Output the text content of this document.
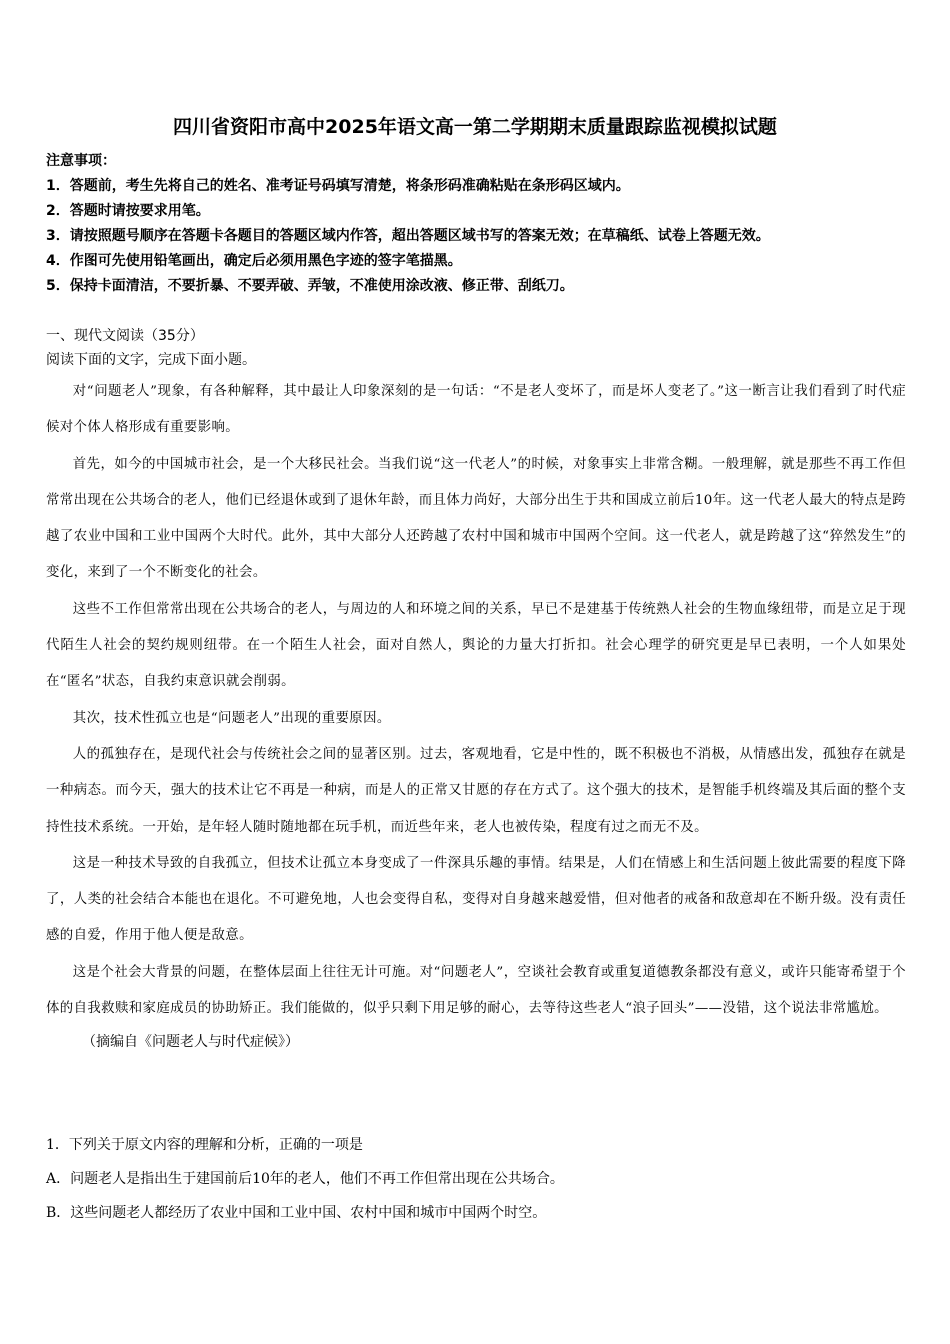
四川省资阳市高中2025年语文高一第二学期期末质量跟踪监视模拟试题
注意事项：
1．答题前，考生先将自己的姓名、准考证号码填写清楚，将条形码准确粘贴在条形码区域内。
2．答题时请按要求用笔。
3．请按照题号顺序在答题卡各题目的答题区域内作答，超出答题区域书写的答案无效；在草稿纸、试卷上答题无效。
4．作图可先使用铅笔画出，确定后必须用黑色字迹的签字笔描黑。
5．保持卡面清洁，不要折暴、不要弄破、弄皱，不准使用涂改液、修正带、刮纸刀。
一、现代文阅读（35分）
阅读下面的文字，完成下面小题。

对“问题老人”现象，有各种解释，其中最让人印象深刻的是一句话：“不是老人变坏了，而是坏人变老了。”这一断言让我们看到了时代症候对个体人格形成有重要影响。

首先，如今的中国城市社会，是一个大移民社会。当我们说“这一代老人”的时候，对象事实上非常含糊。一般理解，就是那些不再工作但常常出现在公共场合的老人，他们已经退休或到了退休年龄，而且体力尚好，大部分出生于共和国成立前后10年。这一代老人最大的特点是跨越了农业中国和工业中国两个大时代。此外，其中大部分人还跨越了农村中国和城市中国两个空间。这一代老人，就是跨越了这“猝然发生”的变化，来到了一个不断变化的社会。

这些不工作但常常出现在公共场合的老人，与周边的人和环境之间的关系，早已不是建基于传统熟人社会的生物血缘纽带，而是立足于现代陌生人社会的契约规则纽带。在一个陌生人社会，面对自然人，舆论的力量大打折扣。社会心理学的研究更是早已表明，一个人如果处在“匿名”状态，自我约束意识就会削弱。

其次，技术性孤立也是“问题老人”出现的重要原因。

人的孤独存在，是现代社会与传统社会之间的显著区别。过去，客观地看，它是中性的，既不积极也不消极，从情感出发，孤独存在就是一种病态。而今天，强大的技术让它不再是一种病，而是人的正常又甘愿的存在方式了。这个强大的技术，是智能手机终端及其后面的整个支持性技术系统。一开始，是年轻人随时随地都在玩手机，而近些年来，老人也被传染，程度有过之而无不及。

这是一种技术导致的自我孤立，但技术让孤立本身变成了一件深具乐趣的事情。结果是，人们在情感上和生活问题上彼此需要的程度下降了，人类的社会结合本能也在退化。不可避免地，人也会变得自私，变得对自身越来越爱惜，但对他者的戒备和敌意却在不断升级。没有责任感的自爱，作用于他人便是敌意。

这是个社会大背景的问题，在整体层面上往往无计可施。对“问题老人”，空谈社会教育或重复道德教条都没有意义，或许只能寄希望于个体的自我救赎和家庭成员的协助矫正。我们能做的，似乎只剩下用足够的耐心，去等待这些老人“浪子回头”——没错，这个说法非常尴尬。

（摘编自《问题老人与时代症候》）

1．下列关于原文内容的理解和分析，正确的一项是
A．问题老人是指出生于建国前后10年的老人，他们不再工作但常出现在公共场合。
B．这些问题老人都经历了农业中国和工业中国、农村中国和城市中国两个时空。
